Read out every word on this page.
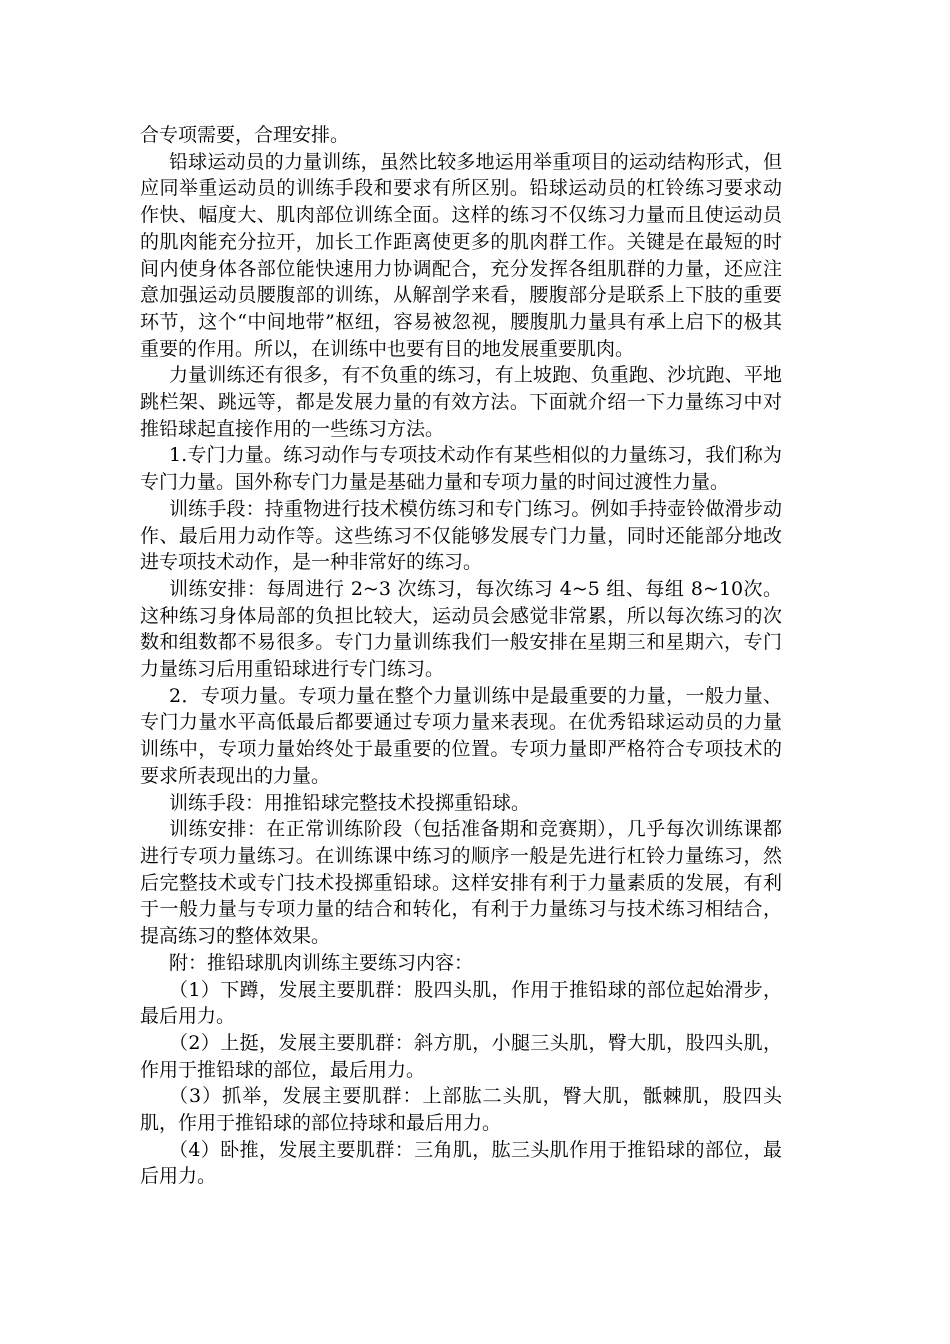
合专项需要，合理安排。

铅球运动员的力量训练，虽然比较多地运用举重项目的运动结构形式，但应同举重运动员的训练手段和要求有所区别。铅球运动员的杠铃练习要求动作快、幅度大、肌肉部位训练全面。这样的练习不仅练习力量而且使运动员的肌肉能充分拉开，加长工作距离使更多的肌肉群工作。关键是在最短的时间内使身体各部位能快速用力协调配合，充分发挥各组肌群的力量，还应注意加强运动员腰腹部的训练，从解剖学来看，腰腹部分是联系上下肢的重要环节，这个“中间地带”枢纽，容易被忽视，腰腹肌力量具有承上启下的极其重要的作用。所以，在训练中也要有目的地发展重要肌肉。

力量训练还有很多，有不负重的练习，有上坡跑、负重跑、沙坑跑、平地跳栏架、跳远等，都是发展力量的有效方法。下面就介绍一下力量练习中对推铅球起直接作用的一些练习方法。

1.专门力量。练习动作与专项技术动作有某些相似的力量练习，我们称为专门力量。国外称专门力量是基础力量和专项力量的时间过渡性力量。

训练手段：持重物进行技术模仿练习和专门练习。例如手持壶铃做滑步动作、最后用力动作等。这些练习不仅能够发展专门力量，同时还能部分地改进专项技术动作，是一种非常好的练习。

训练安排：每周进行 2~3 次练习，每次练习 4~5 组、每组 8~10次。这种练习身体局部的负担比较大，运动员会感觉非常累，所以每次练习的次数和组数都不易很多。专门力量训练我们一般安排在星期三和星期六，专门力量练习后用重铅球进行专门练习。

2．专项力量。专项力量在整个力量训练中是最重要的力量，一般力量、专门力量水平高低最后都要通过专项力量来表现。在优秀铅球运动员的力量训练中，专项力量始终处于最重要的位置。专项力量即严格符合专项技术的要求所表现出的力量。

训练手段：用推铅球完整技术投掷重铅球。

训练安排：在正常训练阶段（包括准备期和竞赛期），几乎每次训练课都进行专项力量练习。在训练课中练习的顺序一般是先进行杠铃力量练习，然后完整技术或专门技术投掷重铅球。这样安排有利于力量素质的发展，有利于一般力量与专项力量的结合和转化，有利于力量练习与技术练习相结合，提高练习的整体效果。

附：推铅球肌肉训练主要练习内容：

（1）下蹲，发展主要肌群：股四头肌，作用于推铅球的部位起始滑步，最后用力。

（2）上挺，发展主要肌群：斜方肌，小腿三头肌，臀大肌，股四头肌，作用于推铅球的部位，最后用力。

（3）抓举，发展主要肌群：上部肱二头肌，臀大肌，骶棘肌，股四头肌，作用于推铅球的部位持球和最后用力。

（4）卧推，发展主要肌群：三角肌，肱三头肌作用于推铅球的部位，最后用力。
